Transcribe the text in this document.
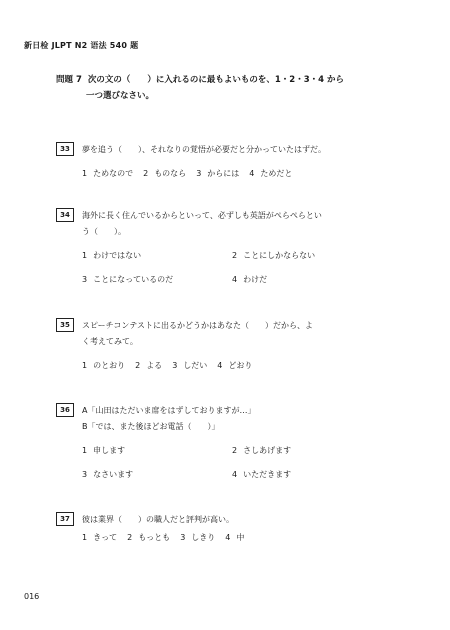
新日检 JLPT N2 语法 540 题
問題 7 次の文の（　　）に入れるのに最もよいものを、1・2・3・4 から
一つ選びなさい。
33	夢を追う（　　）、それなりの覚悟が必要だと分かっていたはずだ。
1 ためなので 2 ものなら 3 からには 4 ためだと
34	海外に長く住んでいるからといって、必ずしも英語がぺらぺらとい
う（　　）。
1 わけではない	2 ことにしかならない
3 ことになっているのだ	4 わけだ
35	スピーチコンテストに出るかどうかはあなた（　　）だから、よ
く考えてみて。
1 のとおり 2 よる 3 しだい 4 どおり
36	A「山田はただいま席をはずしておりますが…」
B「では、また後ほどお電話（　　）」
1 申します	2 さしあげます
3 なさいます	4 いただきます
37	彼は業界（　　）の職人だと評判が高い。
1 きって 2 もっとも 3 しきり 4 中
016
